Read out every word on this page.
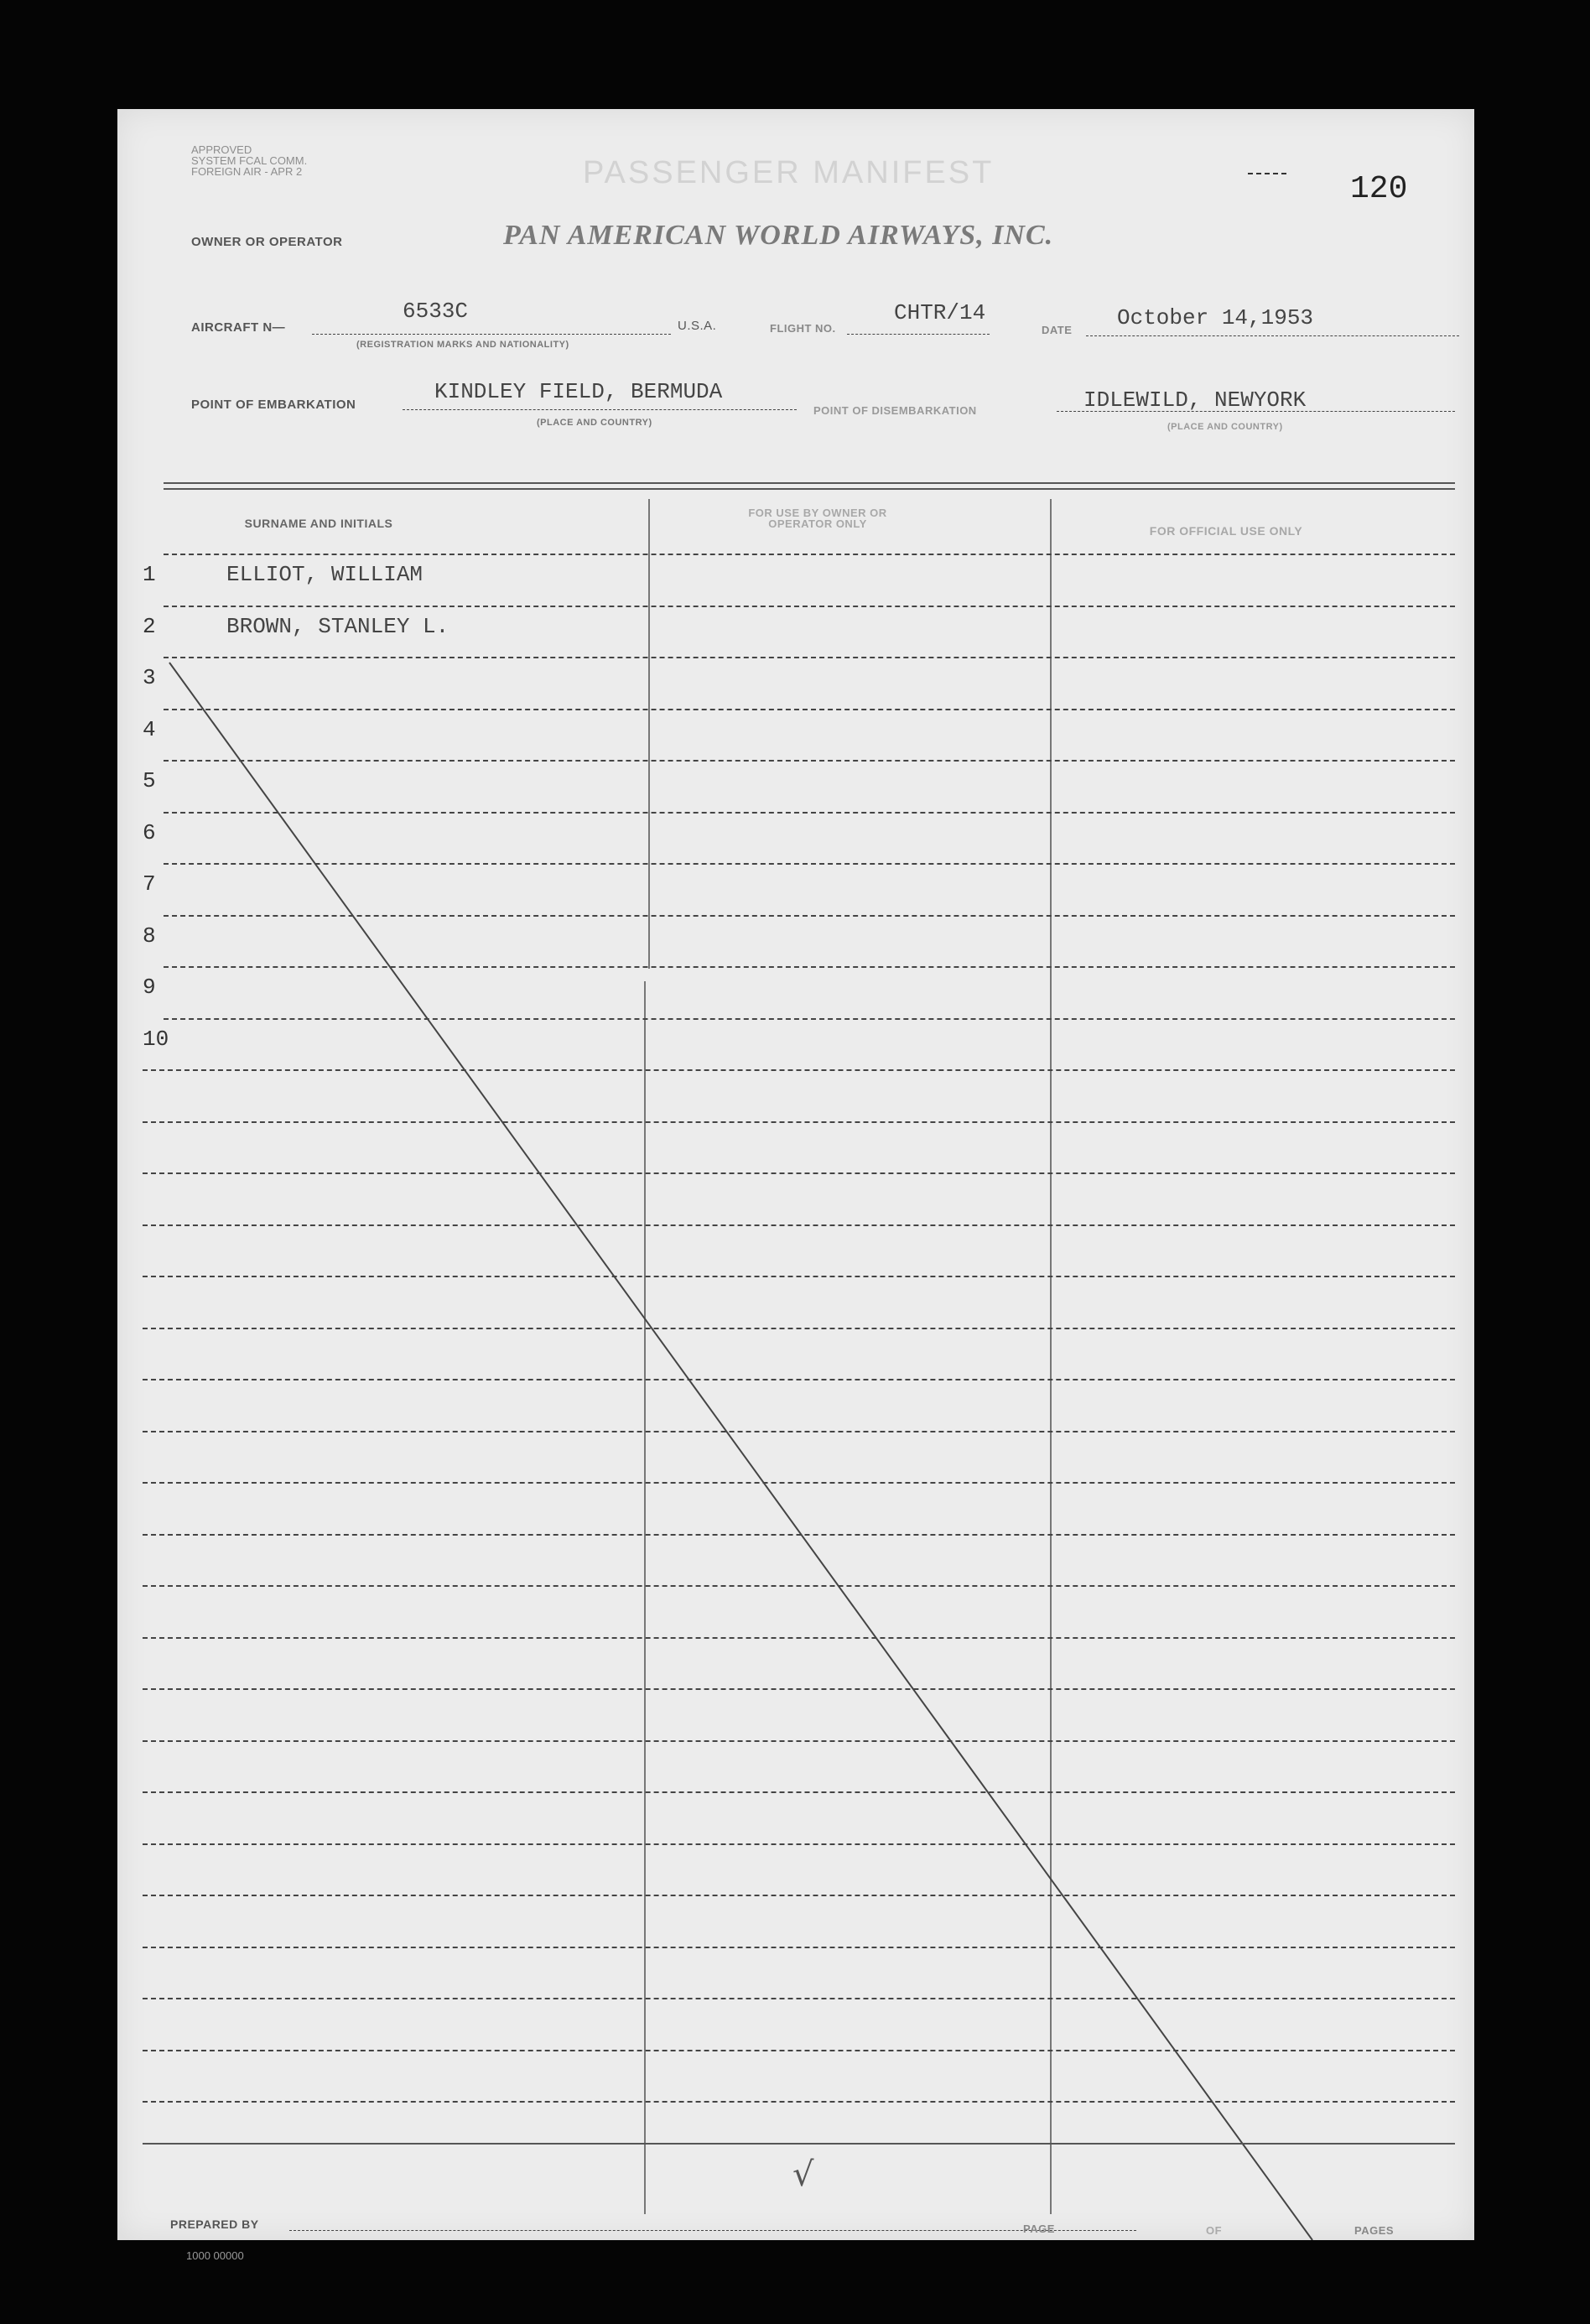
APPROVED
SYSTEM FCAL COMM.
FOREIGN AIR - APR 2	PASSENGER MANIFEST	120
OWNER OR OPERATOR	PAN AMERICAN WORLD AIRWAYS, INC.
AIRCRAFT N—
6533C
(REGISTRATION MARKS AND NATIONALITY)
U.S.A.	FLIGHT NO.
CHTR/14
DATE October 14,1953
POINT OF EMBARKATION
KINDLEY FIELD, BERMUDA
(PLACE AND COUNTRY)
POINT OF DISEMBARKATION	IDLEWILD, NEWYORK
(PLACE AND COUNTRY)
SURNAME AND INITIALS
FOR USE BY OWNER OR OPERATOR ONLY
FOR OFFICIAL USE ONLY
1	ELLIOT, WILLIAM
2	BROWN, STANLEY L.
3
4
5
6
7
8
9
10
√
PREPARED BY	PAGE	OF	PAGES
1000 00000
